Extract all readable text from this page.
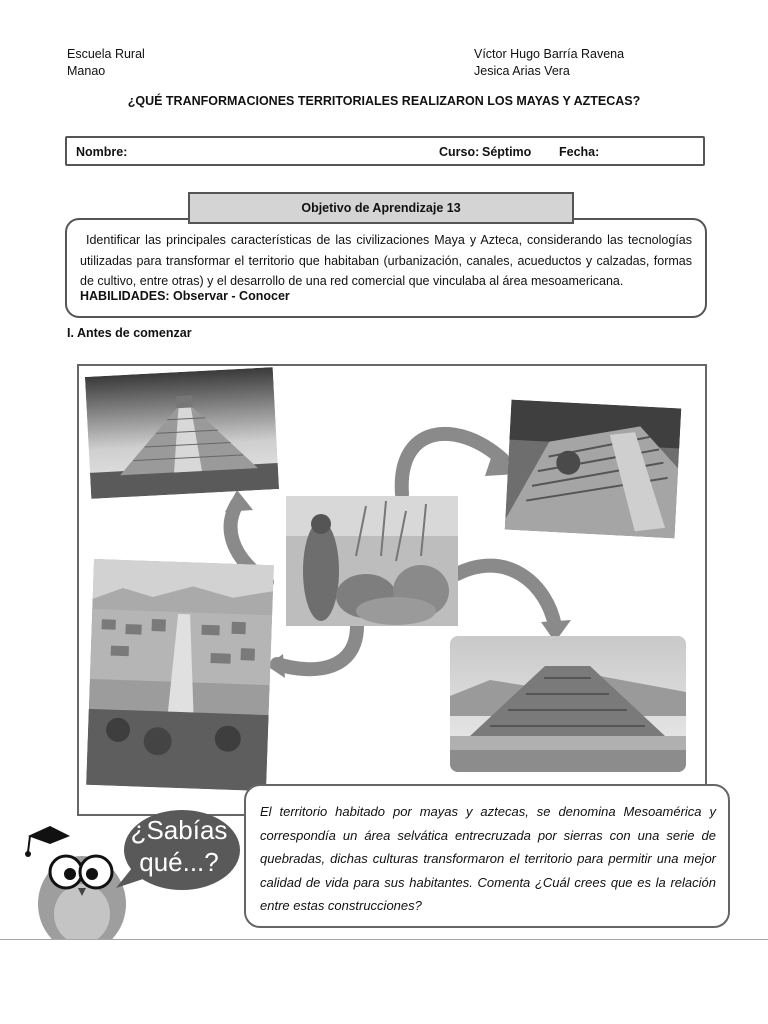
Escuela Rural
Manao
Víctor Hugo Barría Ravena
Jesica Arias Vera
¿QUÉ TRANFORMACIONES TERRITORIALES REALIZARON LOS MAYAS Y AZTECAS?
Nombre:	Curso: Séptimo Fecha:
Objetivo de Aprendizaje 13
Identificar las principales características de las civilizaciones Maya y Azteca, considerando las tecnologías utilizadas para transformar el territorio que habitaban (urbanización, canales, acueductos y calzadas, formas de cultivo, entre otras) y el desarrollo de una red comercial que vinculaba al área mesoamericana.
HABILIDADES: Observar - Conocer
I. Antes de comenzar
¿Sabías
qué...?
El territorio habitado por mayas y aztecas, se denomina Mesoamérica y correspondía un área selvática entrecruzada por sierras con una serie de quebradas, dichas culturas transformaron el territorio para permitir una mejor calidad de vida para sus habitantes. Comenta ¿Cuál crees que es la relación entre estas construcciones?
